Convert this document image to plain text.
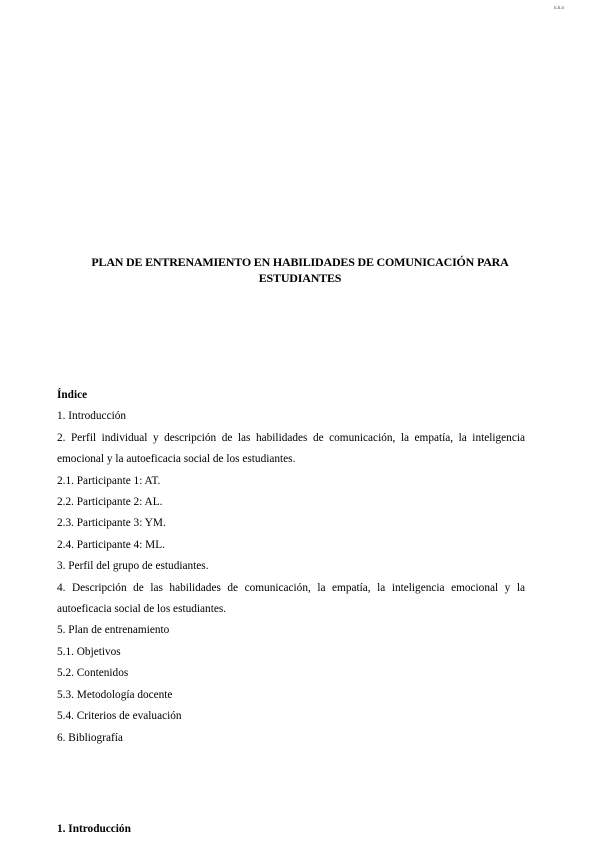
n.h.n
PLAN DE ENTRENAMIENTO EN HABILIDADES DE COMUNICACIÓN PARA ESTUDIANTES

Índice

1. Introducción

2. Perfil individual y descripción de las habilidades de comunicación, la empatía, la inteligencia emocional y la autoeficacia social de los estudiantes.

2.1. Participante 1: AT.

2.2. Participante 2: AL.

2.3. Participante 3: YM.

2.4. Participante 4: ML.

3. Perfil del grupo de estudiantes.

4. Descripción de las habilidades de comunicación, la empatía, la inteligencia emocional y la autoeficacia social de los estudiantes.

5. Plan de entrenamiento

5.1. Objetivos

5.2. Contenidos

5.3. Metodología docente

5.4. Criterios de evaluación

6. Bibliografía

1. Introducción
